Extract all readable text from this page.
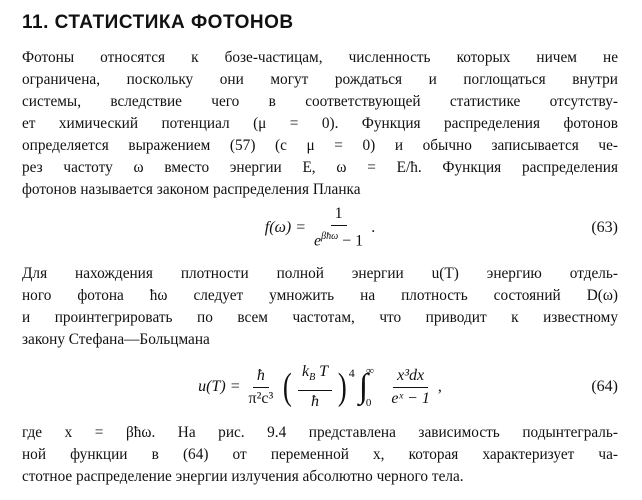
11. СТАТИСТИКА ФОТОНОВ
Фотоны относятся к бозе-частицам, численность которых ничем не
ограничена, поскольку они могут рождаться и поглощаться внутри
системы, вследствие чего в соответствующей статистике отсутству-
ет химический потенциал (μ = 0). Функция распределения фотонов
определяется выражением (57) (с μ = 0) и обычно записывается че-
рез частоту ω вместо энергии E, ω = E/ħ. Функция распределения
фотонов называется законом распределения Планка
$f(\omega) = \frac{1}{e^{\beta ħ\omega} - 1}$ .	(63)
Для нахождения плотности полной энергии u(T) энергию отдель-
ного фотона ħω следует умножить на плотность состояний D(ω)
и проинтегрировать по всем частотам, что приводит к известному
закону Стефана—Больцмана
$u(T) = \frac{ħ}{\text{π²c³}}$ ( $\frac{k_B T}{ħ} )^4$ ∫
∞
$0 \frac{\text{x³dx}}{\text{eˣ − 1}}$ ,	(64)
где x = βħω. На рис. 9.4 представлена зависимость подынтеграль-
ной функции в (64) от переменной x, которая характеризует ча-
стотное распределение энергии излучения абсолютно черного тела.
